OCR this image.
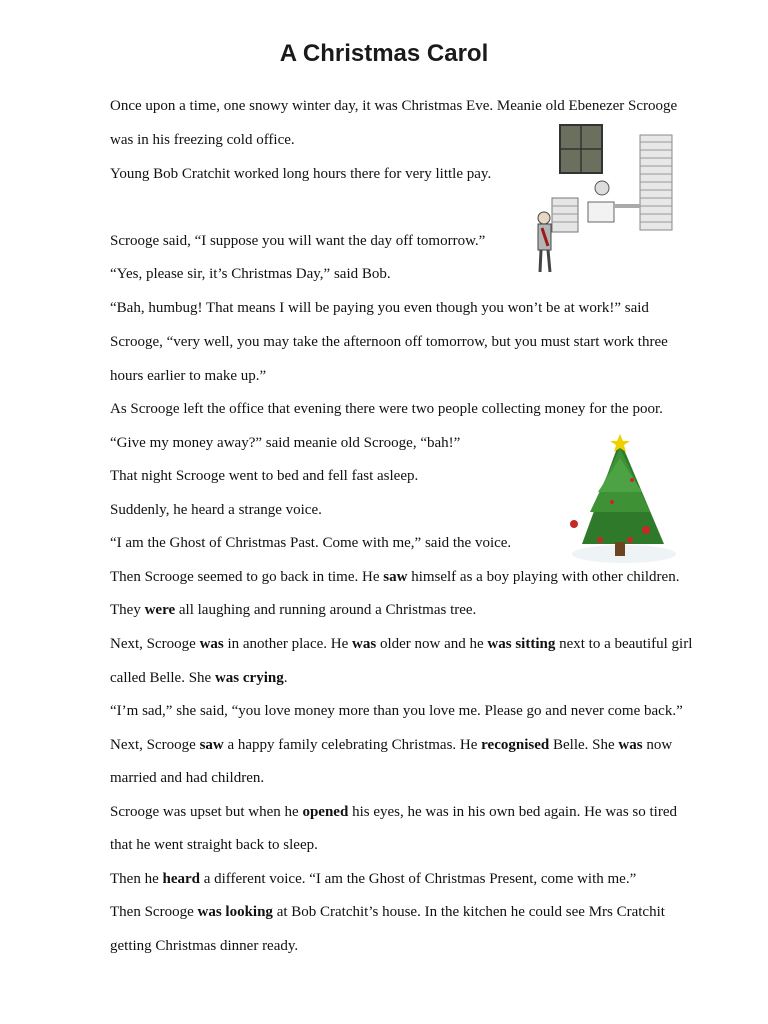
A Christmas Carol
Once upon a time, one snowy winter day, it was Christmas Eve. Meanie old Ebenezer Scrooge
was in his freezing cold office.
Young Bob Cratchit worked long hours there for very little pay.
Scrooge said, “I suppose you will want the day off tomorrow.”
“Yes, please sir, it’s Christmas Day,” said Bob.
“Bah, humbug! That means I will be paying you even though you won’t be at work!” said
Scrooge, “very well, you may take the afternoon off tomorrow, but you must start work three
hours earlier to make up.”
As Scrooge left the office that evening there were two people collecting money for the poor.
“Give my money away?” said meanie old Scrooge, “bah!”
That night Scrooge went to bed and fell fast asleep.
Suddenly, he heard a strange voice.
“I am the Ghost of Christmas Past. Come with me,” said the voice.
Then Scrooge seemed to go back in time. He saw himself as a boy playing with other children.
They were all laughing and running around a Christmas tree.
Next, Scrooge was in another place. He was older now and he was sitting next to a beautiful girl
called Belle. She was crying.
“I’m sad,” she said, “you love money more than you love me. Please go and never come back.”
Next, Scrooge saw a happy family celebrating Christmas. He recognised Belle. She was now
married and had children.
Scrooge was upset but when he opened his eyes, he was in his own bed again. He was so tired
that he went straight back to sleep.
Then he heard a different voice. “I am the Ghost of Christmas Present, come with me.”
Then Scrooge was looking at Bob Cratchit’s house. In the kitchen he could see Mrs Cratchit
getting Christmas dinner ready.
